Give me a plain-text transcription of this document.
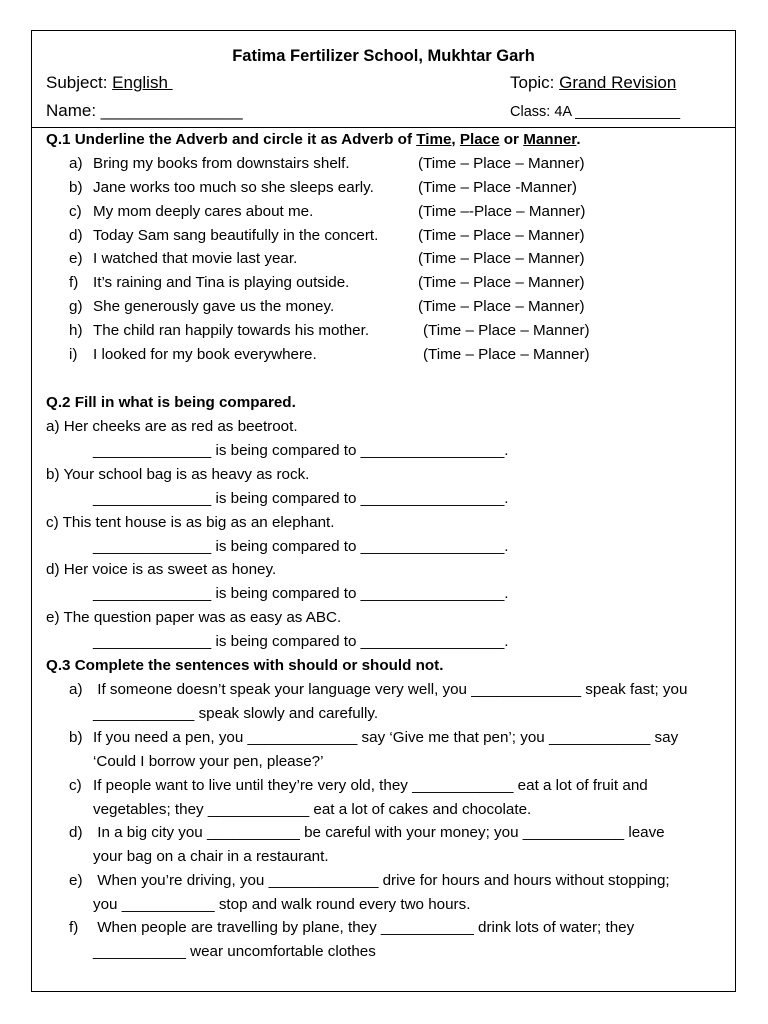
Fatima Fertilizer School, Mukhtar Garh
Subject: English	Topic: Grand Revision
Name: _______________	Class: 4A _____________
Q.1 Underline the Adverb and circle it as Adverb of Time, Place or Manner.
a) Bring my books from downstairs shelf.	(Time – Place – Manner)
b) Jane works too much so she sleeps early.	(Time – Place -Manner)
c) My mom deeply cares about me.	(Time –-Place – Manner)
d) Today Sam sang beautifully in the concert.	(Time – Place – Manner)
e) I watched that movie last year.	(Time – Place – Manner)
f) It’s raining and Tina is playing outside.	(Time – Place – Manner)
g) She generously gave us the money.	(Time – Place – Manner)
h) The child ran happily towards his mother.	(Time – Place – Manner)
i) I looked for my book everywhere.	(Time – Place – Manner)
Q.2 Fill in what is being compared.
a) Her cheeks are as red as beetroot.
______________ is being compared to _________________.
b) Your school bag is as heavy as rock.
______________ is being compared to _________________.
c) This tent house is as big as an elephant.
______________ is being compared to _________________.
d) Her voice is as sweet as honey.
______________ is being compared to _________________.
e) The question paper was as easy as ABC.
______________ is being compared to _________________.
Q.3 Complete the sentences with should or should not.
a) If someone doesn’t speak your language very well, you _____________ speak fast; you
____________ speak slowly and carefully.
b) If you need a pen, you _____________ say ‘Give me that pen’; you ____________ say
‘Could I borrow your pen, please?’
c) If people want to live until they’re very old, they ____________ eat a lot of fruit and
vegetables; they ____________ eat a lot of cakes and chocolate.
d) In a big city you ___________ be careful with your money; you ____________ leave
your bag on a chair in a restaurant.
e) When you’re driving, you _____________ drive for hours and hours without stopping;
you ___________ stop and walk round every two hours.
f) When people are travelling by plane, they ___________ drink lots of water; they
___________ wear uncomfortable clothes
